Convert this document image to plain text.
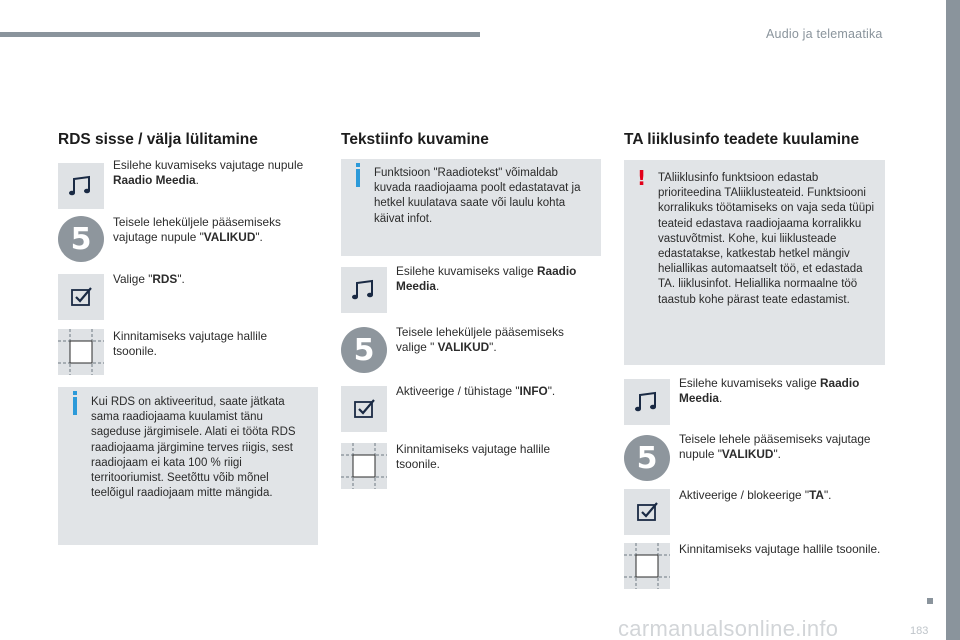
Audio ja telemaatika
183
carmanualsonline.info
RDS sisse / välja lülitamine
Esilehe kuvamiseks vajutage nupule Raadio Meedia.
5	Teisele leheküljele pääsemiseks vajutage nupule "VALIKUD".
Valige "RDS".
Kinnitamiseks vajutage hallile tsoonile.
Kui RDS on aktiveeritud, saate jätkata sama raadiojaama kuulamist tänu sageduse järgimisele. Alati ei tööta RDS raadiojaama järgimine terves riigis, sest raadiojaam ei kata 100 % riigi territooriumist. Seetõttu võib mõnel teelõigul raadiojaam mitte mängida.
Tekstiinfo kuvamine
Funktsioon "Raadiotekst" võimaldab kuvada raadiojaama poolt edastatavat ja hetkel kuulatava saate või laulu kohta käivat infot.
Esilehe kuvamiseks valige Raadio Meedia.
5
Teisele leheküljele pääsemiseks valige " VALIKUD".
Aktiveerige / tühistage "INFO".
Kinnitamiseks vajutage hallile tsoonile.
TA liiklusinfo teadete kuulamine
! TAliiklusinfo funktsioon edastab prioriteedina TAliiklusteateid. Funktsiooni korralikuks töötamiseks on vaja seda tüüpi teateid edastava raadiojaama korralikku vastuvõtmist. Kohe, kui liiklusteade edastatakse, katkestab hetkel mängiv heliallikas automaatselt töö, et edastada TA. liiklusinfot. Heliallika normaalne töö taastub kohe pärast teate edastamist.
Esilehe kuvamiseks valige Raadio Meedia.
5
Teisele lehele pääsemiseks vajutage nupule "VALIKUD".
Aktiveerige / blokeerige "TA".
Kinnitamiseks vajutage hallile tsoonile.
